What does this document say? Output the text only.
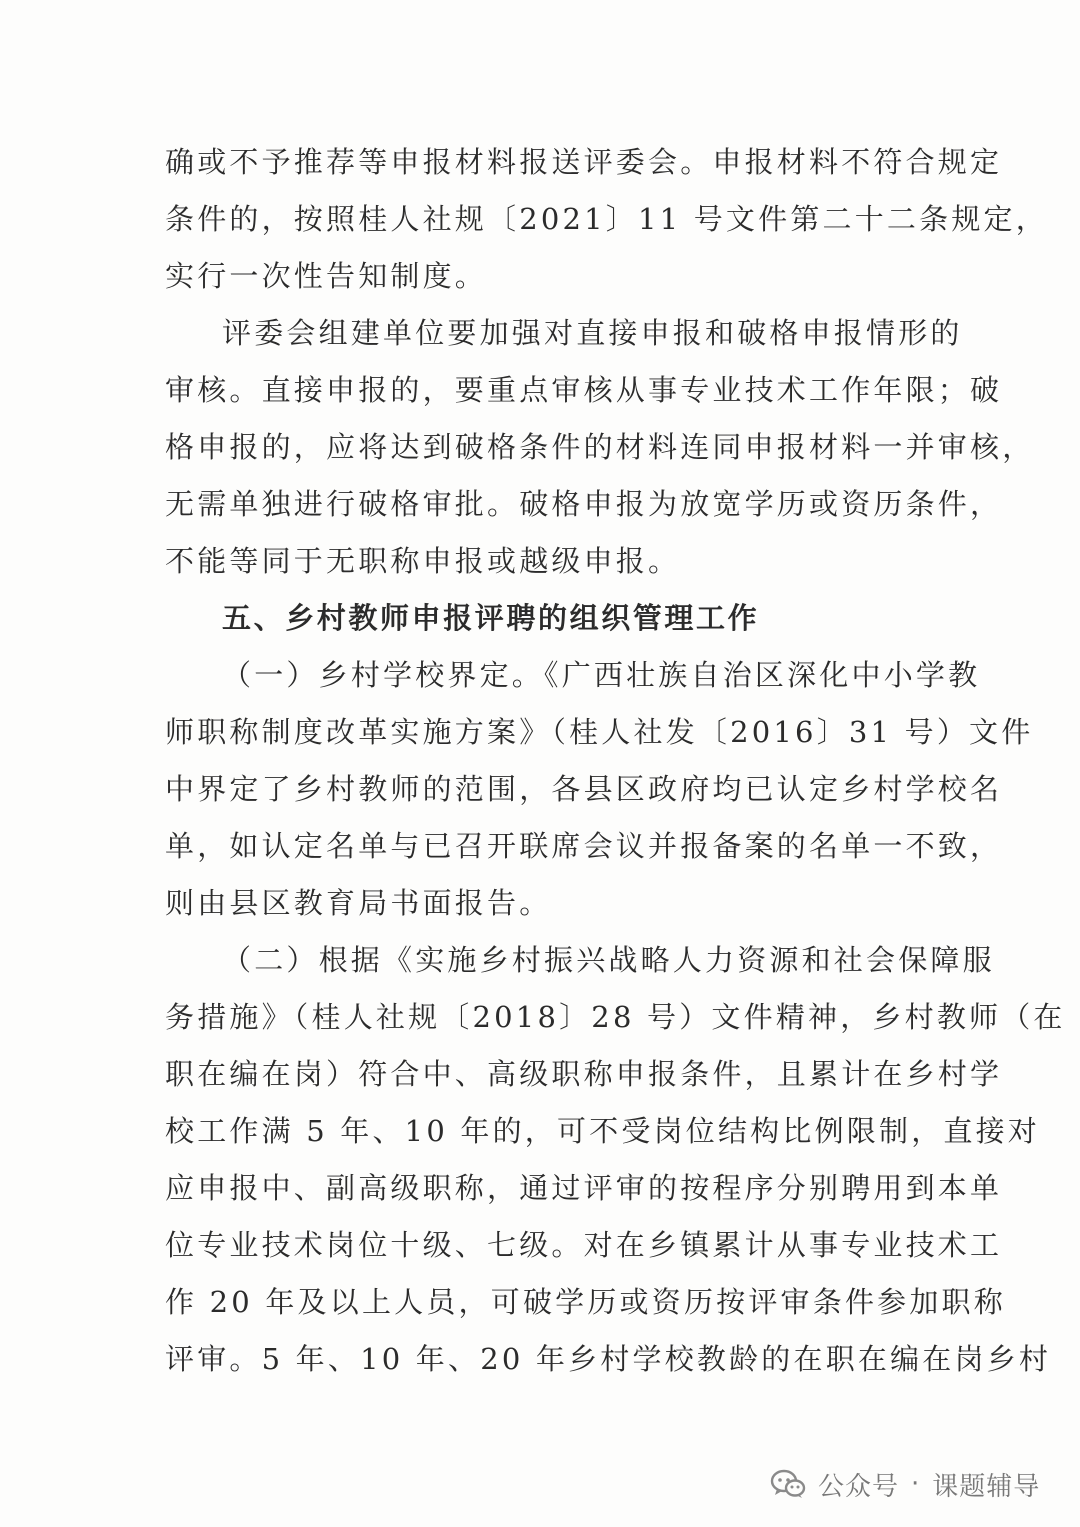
确或不予推荐等申报材料报送评委会。申报材料不符合规定
条件的，按照桂人社规〔2021〕11 号文件第二十二条规定，
实行一次性告知制度。
评委会组建单位要加强对直接申报和破格申报情形的
审核。直接申报的，要重点审核从事专业技术工作年限；破
格申报的，应将达到破格条件的材料连同申报材料一并审核，
无需单独进行破格审批。破格申报为放宽学历或资历条件，
不能等同于无职称申报或越级申报。
五、乡村教师申报评聘的组织管理工作
（一）乡村学校界定。《广西壮族自治区深化中小学教
师职称制度改革实施方案》（桂人社发〔2016〕31 号）文件
中界定了乡村教师的范围，各县区政府均已认定乡村学校名
单，如认定名单与已召开联席会议并报备案的名单一不致，
则由县区教育局书面报告。
（二）根据《实施乡村振兴战略人力资源和社会保障服
务措施》（桂人社规〔2018〕28 号）文件精神，乡村教师（在
职在编在岗）符合中、高级职称申报条件，且累计在乡村学
校工作满 5 年、10 年的，可不受岗位结构比例限制，直接对
应申报中、副高级职称，通过评审的按程序分别聘用到本单
位专业技术岗位十级、七级。对在乡镇累计从事专业技术工
作 20 年及以上人员，可破学历或资历按评审条件参加职称
评审。5 年、10 年、20 年乡村学校教龄的在职在编在岗乡村
公众号 · 课题辅导
